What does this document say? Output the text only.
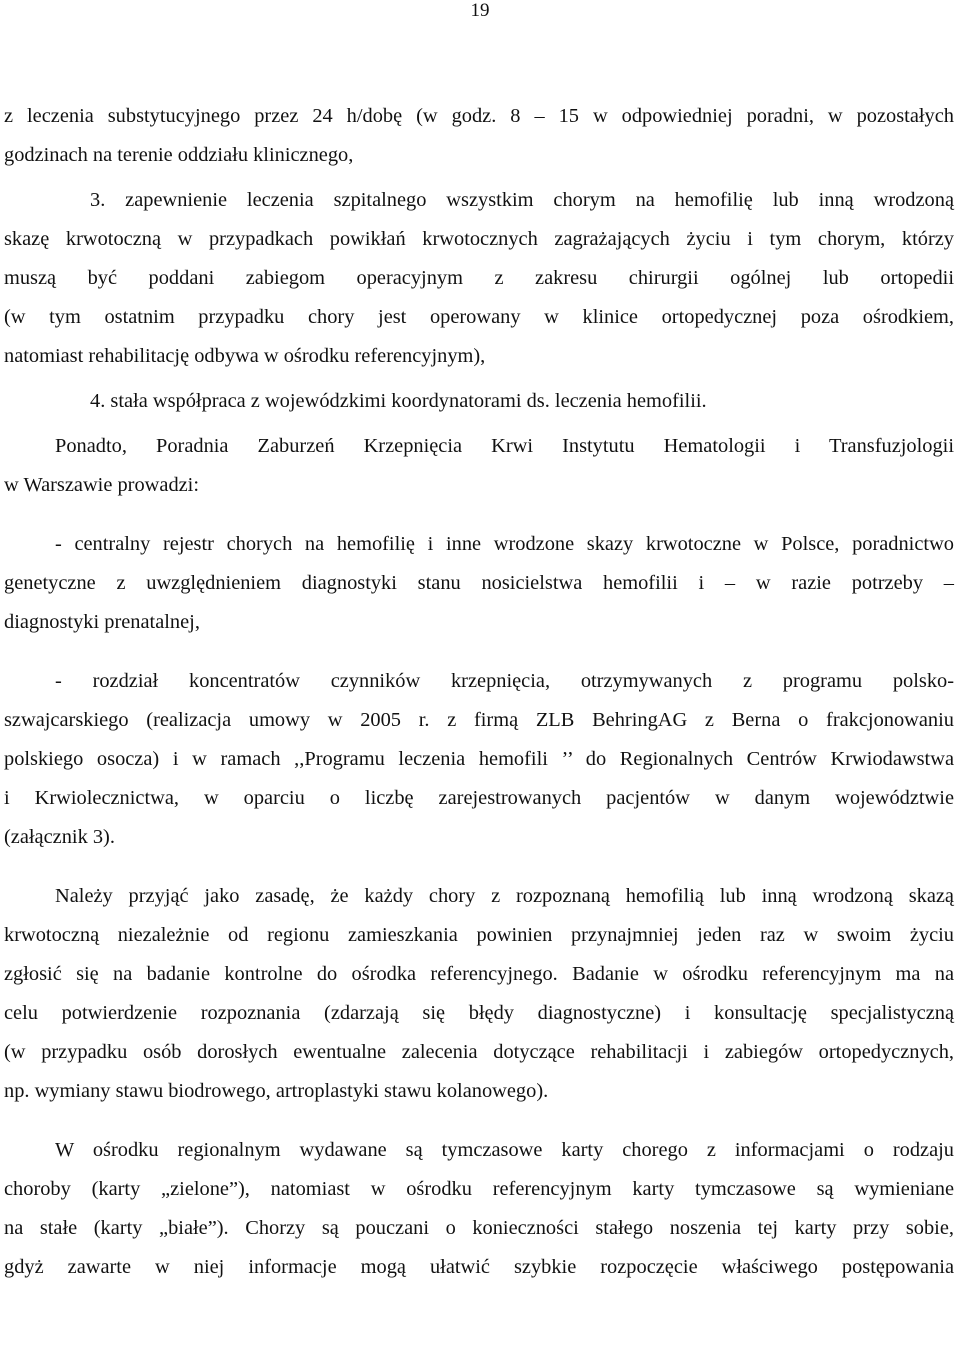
19
z leczenia substytucyjnego przez 24 h/dobę (w godz. 8 – 15 w odpowiedniej poradni, w pozostałych
godzinach na terenie oddziału klinicznego,
3. zapewnienie leczenia szpitalnego wszystkim chorym na hemofilię lub inną wrodzoną
skazę krwotoczną w przypadkach powikłań krwotocznych zagrażających życiu i tym chorym, którzy
muszą być poddani zabiegom operacyjnym z zakresu chirurgii ogólnej lub ortopedii
(w tym ostatnim przypadku chory jest operowany w klinice ortopedycznej poza ośrodkiem,
natomiast rehabilitację odbywa w ośrodku referencyjnym),
4. stała współpraca z wojewódzkimi koordynatorami ds. leczenia hemofilii.
Ponadto, Poradnia Zaburzeń Krzepnięcia Krwi Instytutu Hematologii i Transfuzjologii
w Warszawie prowadzi:
- centralny rejestr chorych na hemofilię i inne wrodzone skazy krwotoczne w Polsce, poradnictwo
genetyczne z uwzględnieniem diagnostyki stanu nosicielstwa hemofilii i – w razie potrzeby –
diagnostyki prenatalnej,
- rozdział koncentratów czynników krzepnięcia, otrzymywanych z programu polsko-
szwajcarskiego (realizacja umowy w 2005 r. z firmą ZLB BehringAG z Berna o frakcjonowaniu
polskiego osocza) i w ramach ,,Programu leczenia hemofili ’’ do Regionalnych Centrów Krwiodawstwa
i Krwiolecznictwa, w oparciu o liczbę zarejestrowanych pacjentów w danym województwie
(załącznik 3).
Należy przyjąć jako zasadę, że każdy chory z rozpoznaną hemofilią lub inną wrodzoną skazą
krwotoczną niezależnie od regionu zamieszkania powinien przynajmniej jeden raz w swoim życiu
zgłosić się na badanie kontrolne do ośrodka referencyjnego. Badanie w ośrodku referencyjnym ma na
celu potwierdzenie rozpoznania (zdarzają się błędy diagnostyczne) i konsultację specjalistyczną
(w przypadku osób dorosłych ewentualne zalecenia dotyczące rehabilitacji i zabiegów ortopedycznych,
np. wymiany stawu biodrowego, artroplastyki stawu kolanowego).
W ośrodku regionalnym wydawane są tymczasowe karty chorego z informacjami o rodzaju
choroby (karty „zielone”), natomiast w ośrodku referencyjnym karty tymczasowe są wymieniane
na stałe (karty „białe”). Chorzy są pouczani o konieczności stałego noszenia tej karty przy sobie,
gdyż zawarte w niej informacje mogą ułatwić szybkie rozpoczęcie właściwego postępowania
